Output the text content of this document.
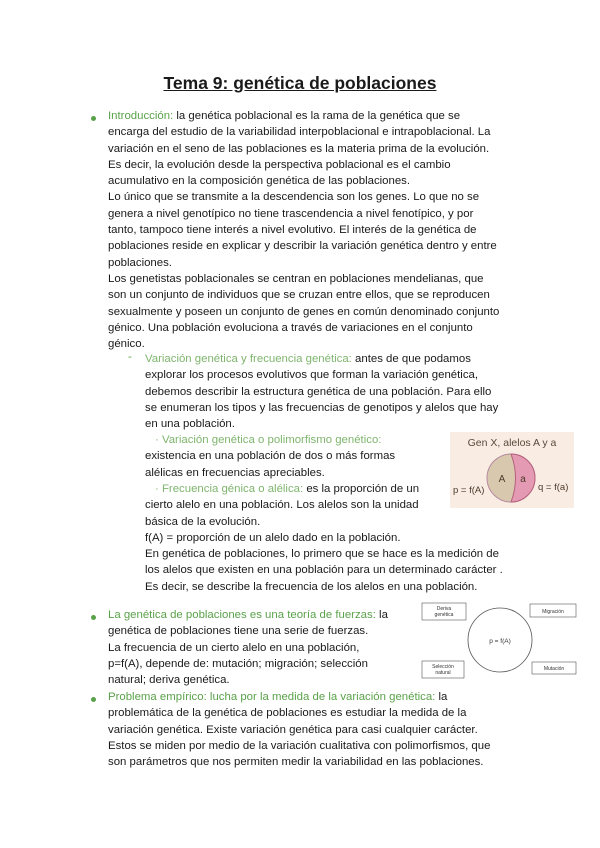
Tema 9: genética de poblaciones
Introducción: la genética poblacional es la rama de la genética que se
encarga del estudio de la variabilidad interpoblacional e intrapoblacional. La
variación en el seno de las poblaciones es la materia prima de la evolución.
Es decir, la evolución desde la perspectiva poblacional es el cambio
acumulativo en la composición genética de las poblaciones.
Lo único que se transmite a la descendencia son los genes. Lo que no se
genera a nivel genotípico no tiene trascendencia a nivel fenotípico, y por
tanto, tampoco tiene interés a nivel evolutivo. El interés de la genética de
poblaciones reside en explicar y describir la variación genética dentro y entre
poblaciones.
Los genetistas poblacionales se centran en poblaciones mendelianas, que
son un conjunto de individuos que se cruzan entre ellos, que se reproducen
sexualmente y poseen un conjunto de genes en común denominado conjunto
génico. Una población evoluciona a través de variaciones en el conjunto
génico.
- Variación genética y frecuencia genética: antes de que podamos
explorar los procesos evolutivos que forman la variación genética,
debemos describir la estructura genética de una población. Para ello
se enumeran los tipos y las frecuencias de genotipos y alelos que hay
en una población.
· Variación genética o polimorfismo genético:
existencia en una población de dos o más formas
alélicas en frecuencias apreciables.
· Frecuencia génica o alélica: es la proporción de un
cierto alelo en una población. Los alelos son la unidad
básica de la evolución.
f(A) = proporción de un alelo dado en la población.
En genética de poblaciones, lo primero que se hace es la medición de
los alelos que existen en una población para un determinado carácter .
Es decir, se describe la frecuencia de los alelos en una población.
Gen X, alelos A y a
A a
p = f(A)	q = f(a)
La genética de poblaciones es una teoría de fuerzas: la
genética de poblaciones tiene una serie de fuerzas.
La frecuencia de un cierto alelo en una población,
p=f(A), depende de: mutación; migración; selección
natural; deriva genética.
p = f(A)
Deriva
genética	Migración
Selección
natural
Mutación
Problema empírico: lucha por la medida de la variación genética: la
problemática de la genética de poblaciones es estudiar la medida de la
variación genética. Existe variación genética para casi cualquier carácter.
Estos se miden por medio de la variación cualitativa con polimorfismos, que
son parámetros que nos permiten medir la variabilidad en las poblaciones.
